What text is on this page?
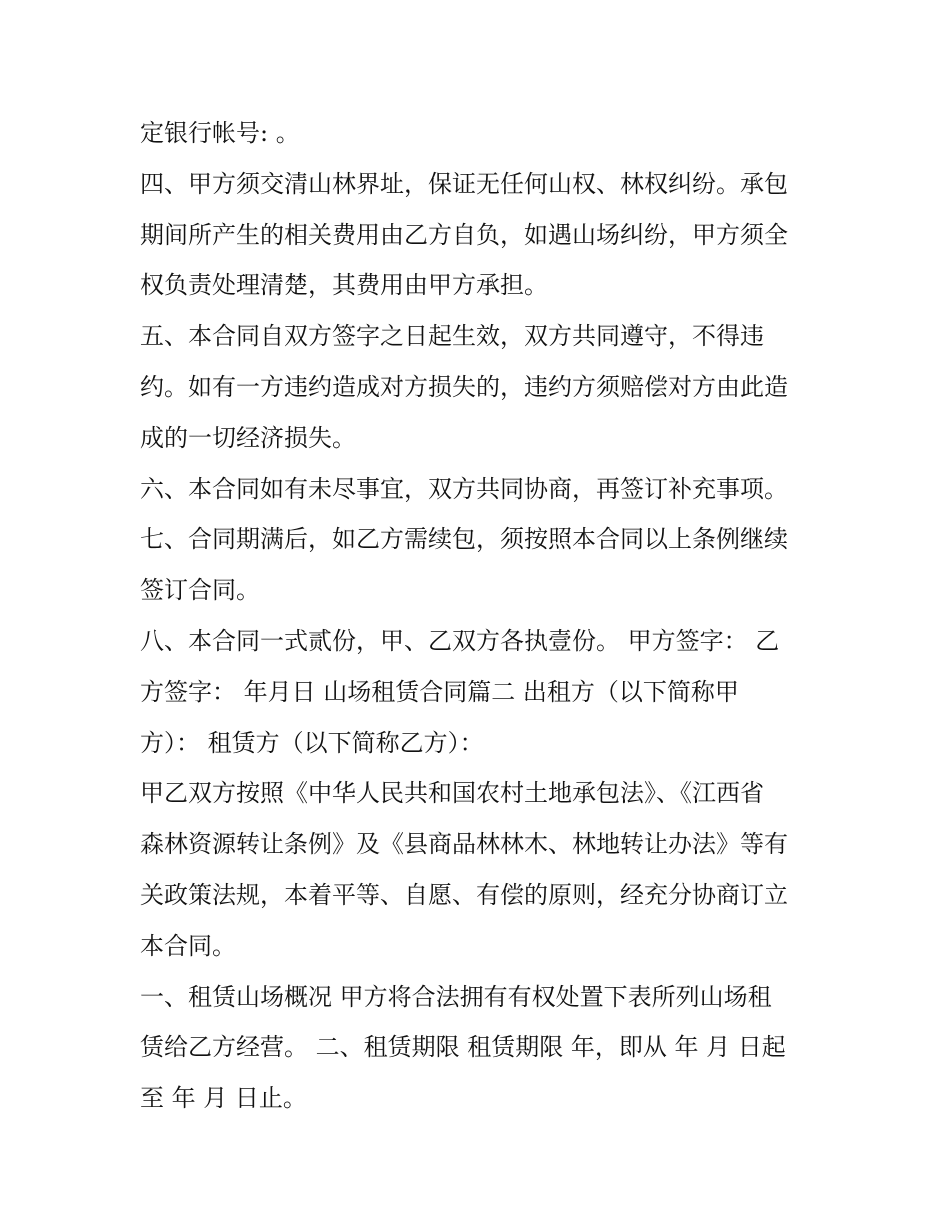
定银行帐号: 。
四、甲方须交清山林界址，保证无任何山权、林权纠纷。承包
期间所产生的相关费用由乙方自负，如遇山场纠纷，甲方须全
权负责处理清楚，其费用由甲方承担。
五、本合同自双方签字之日起生效，双方共同遵守，不得违
约。如有一方违约造成对方损失的，违约方须赔偿对方由此造
成的一切经济损失。
六、本合同如有未尽事宜，双方共同协商，再签订补充事项。
七、合同期满后，如乙方需续包，须按照本合同以上条例继续
签订合同。
八、本合同一式贰份，甲、乙双方各执壹份。 甲方签字： 乙
方签字： 年月日 山场租赁合同篇二 出租方（以下简称甲
方）： 租赁方（以下简称乙方）：
甲乙双方按照《中华人民共和国农村土地承包法》、《江西省
森林资源转让条例》及《县商品林林木、林地转让办法》等有
关政策法规，本着平等、自愿、有偿的原则，经充分协商订立
本合同。
一、租赁山场概况 甲方将合法拥有有权处置下表所列山场租
赁给乙方经营。 二、租赁期限 租赁期限 年，即从 年 月 日起
至 年 月 日止。
